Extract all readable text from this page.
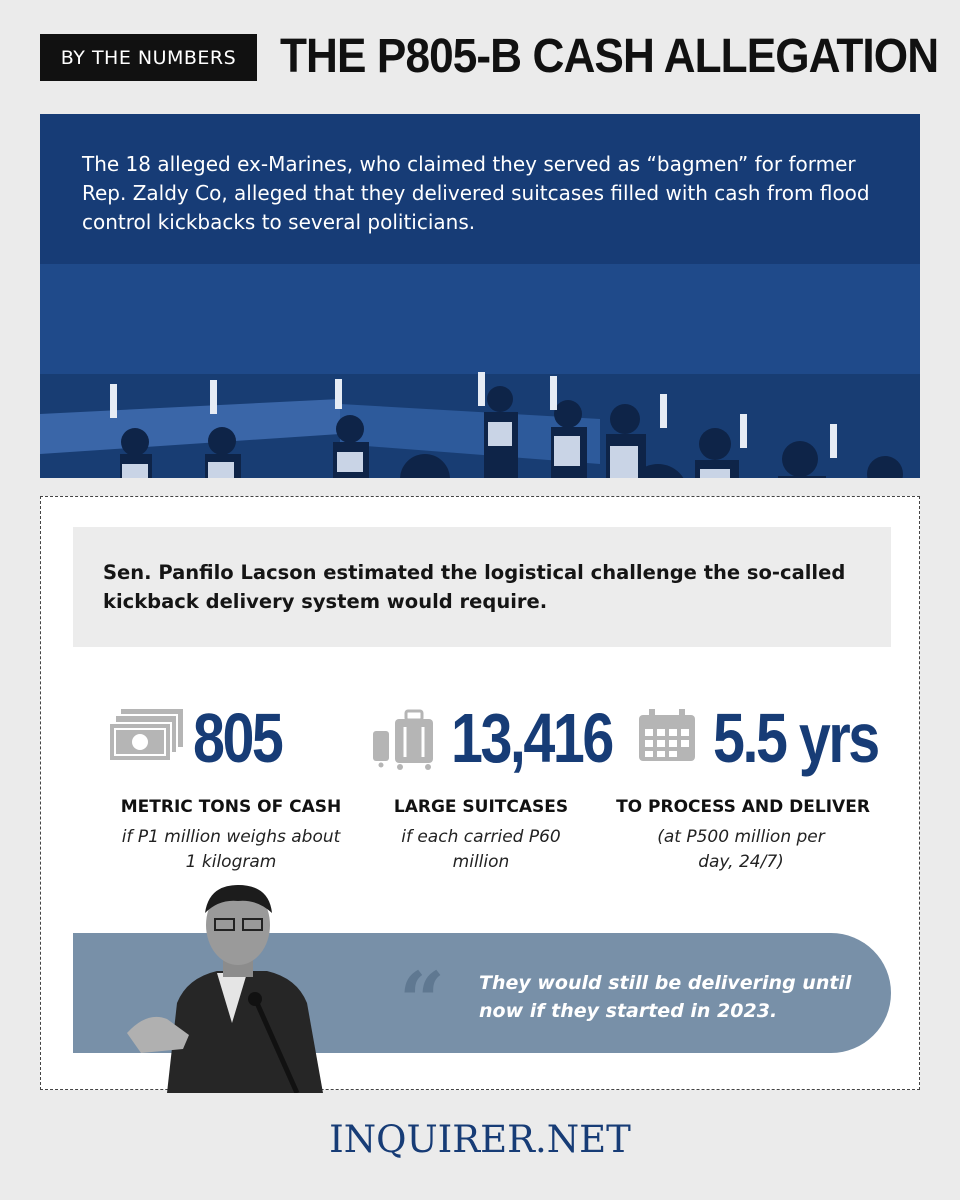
BY THE NUMBERS THE P805-B CASH ALLEGATION
The 18 alleged ex-Marines, who claimed they served as “bagmen” for former Rep. Zaldy Co, alleged that they delivered suitcases filled with cash from flood control kickbacks to several politicians.
Sen. Panfilo Lacson estimated the logistical challenge the so-called kickback delivery system would require.
805
METRIC TONS OF CASH
if P1 million weighs about 1 kilogram
13,416
LARGE SUITCASES
if each carried P60 million
5.5 yrs
TO PROCESS AND DELIVER
(at P500 million per day, 24/7)
“ They would still be delivering until now if they started in 2023.
INQUIRER.NET
